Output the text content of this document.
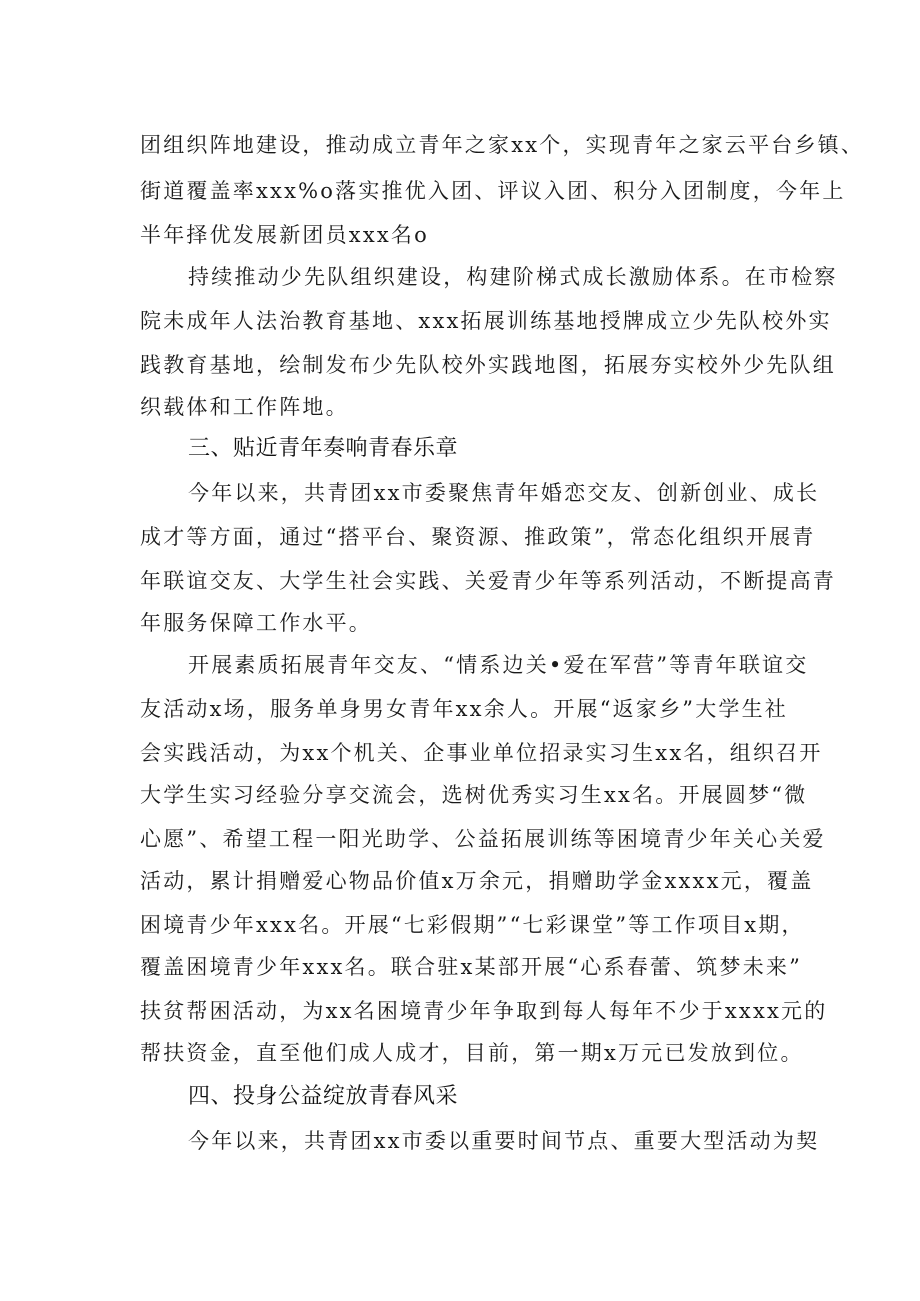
团组织阵地建设，推动成立青年之家xx个，实现青年之家云平台乡镇、
街道覆盖率xxx%o落实推优入团、评议入团、积分入团制度，今年上
半年择优发展新团员xxx名o
持续推动少先队组织建设，构建阶梯式成长激励体系。在市检察
院未成年人法治教育基地、xxx拓展训练基地授牌成立少先队校外实
践教育基地，绘制发布少先队校外实践地图，拓展夯实校外少先队组
织载体和工作阵地。
三、贴近青年奏响青春乐章
今年以来，共青团xx市委聚焦青年婚恋交友、创新创业、成长
成才等方面，通过“搭平台、聚资源、推政策”，常态化组织开展青
年联谊交友、大学生社会实践、关爱青少年等系列活动，不断提高青
年服务保障工作水平。
开展素质拓展青年交友、“情系边关•爱在军营”等青年联谊交
友活动x场，服务单身男女青年xx余人。开展“返家乡”大学生社
会实践活动，为xx个机关、企事业单位招录实习生xx名，组织召开
大学生实习经验分享交流会，选树优秀实习生xx名。开展圆梦“微
心愿”、希望工程一阳光助学、公益拓展训练等困境青少年关心关爱
活动，累计捐赠爱心物品价值x万余元，捐赠助学金xxxx元，覆盖
困境青少年xxx名。开展“七彩假期”“七彩课堂”等工作项目x期，
覆盖困境青少年xxx名。联合驻x某部开展“心系春蕾、筑梦未来”
扶贫帮困活动，为xx名困境青少年争取到每人每年不少于xxxx元的
帮扶资金，直至他们成人成才，目前，第一期x万元已发放到位。
四、投身公益绽放青春风采
今年以来，共青团xx市委以重要时间节点、重要大型活动为契
